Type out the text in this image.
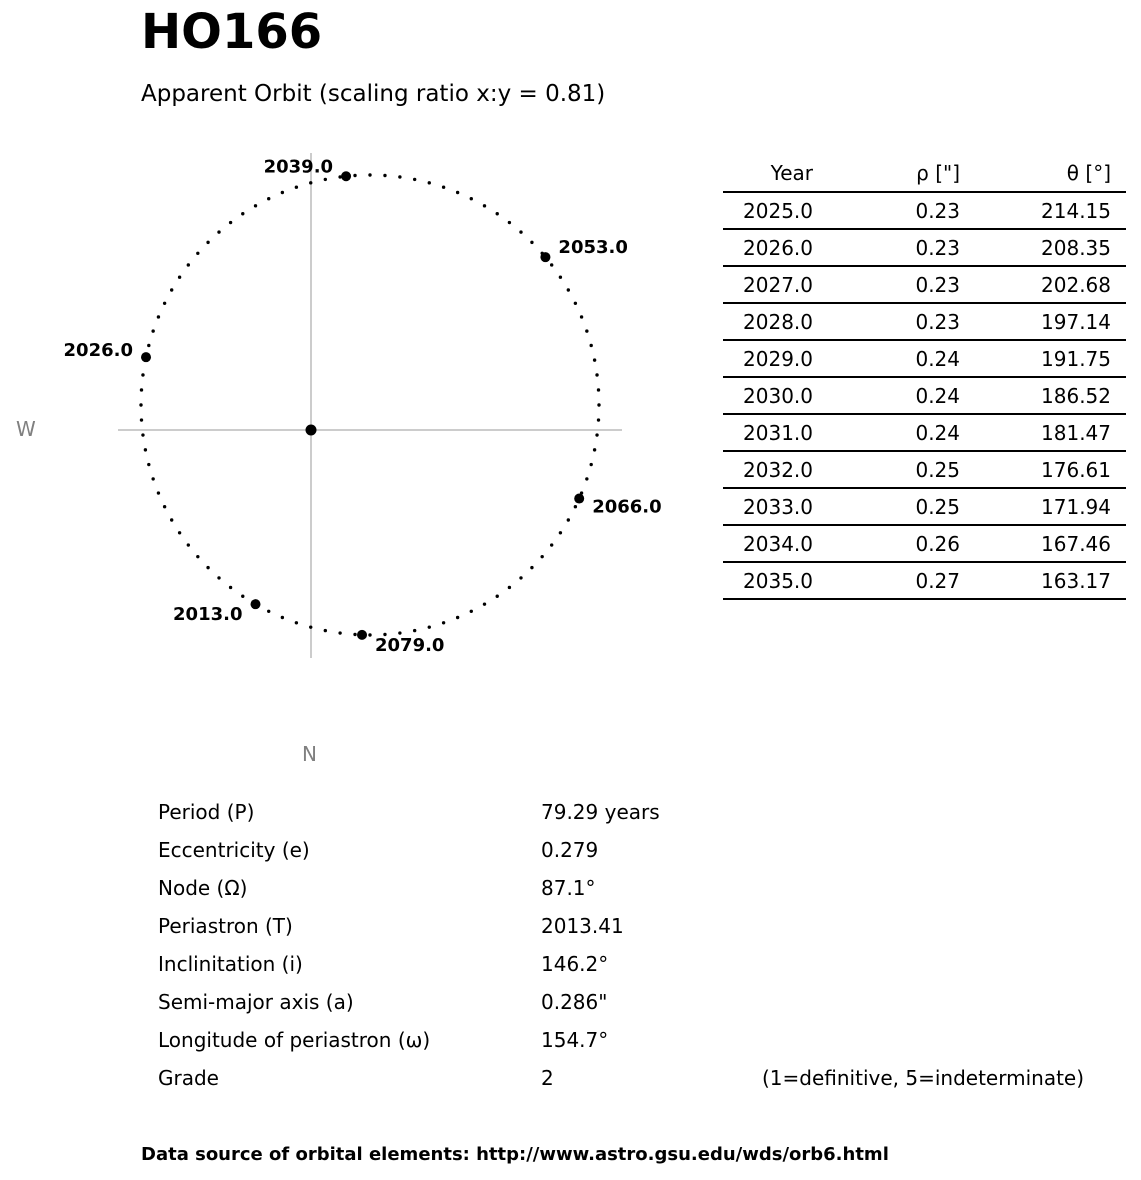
HO166
Apparent Orbit (scaling ratio x:y = 0.81)
2013.0
2026.0
2039.0
2053.0
2066.0
2079.0
W
N
Year	ρ ["]	θ [°]	
2025.0	0.23	214.15	
2026.0	0.23	208.35	
2027.0	0.23	202.68	
2028.0	0.23	197.14	
2029.0	0.24	191.75	
2030.0	0.24	186.52	
2031.0	0.24	181.47	
2032.0	0.25	176.61	
2033.0	0.25	171.94	
2034.0	0.26	167.46	
2035.0	0.27	163.17	
Period (P)	79.29 years
Eccentricity (e)	0.279
Node (Ω)	87.1°
Periastron (T)	2013.41
Inclinitation (i)	146.2°
Semi-major axis (a)	0.286"
Longitude of periastron (ω)	154.7°
Grade	2	(1=definitive, 5=indeterminate)
Data source of orbital elements: http://www.astro.gsu.edu/wds/orb6.html
